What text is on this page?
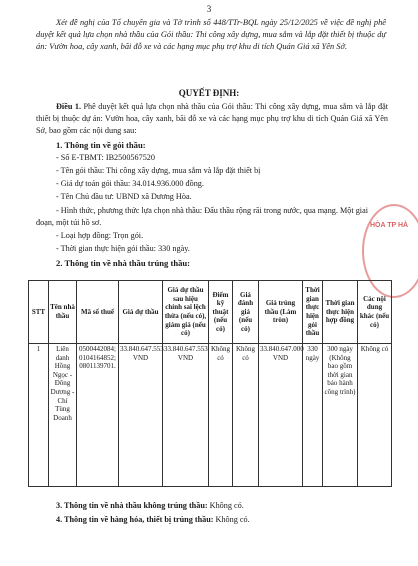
3
Xét đề nghị của Tổ chuyên gia và Tờ trình số 448/TTr-BQL ngày 25/12/2025 về việc đề nghị phê duyệt kết quả lựa chọn nhà thầu của Gói thầu: Thi công xây dựng, mua sắm và lắp đặt thiết bị thuộc dự án: Vườn hoa, cây xanh, bãi đỗ xe và các hạng mục phụ trợ khu di tích Quán Giá xã Yên Sở.
QUYẾT ĐỊNH:
Điều 1. Phê duyệt kết quả lựa chọn nhà thầu của Gói thầu: Thi công xây dựng, mua sắm và lắp đặt thiết bị thuộc dự án: Vườn hoa, cây xanh, bãi đỗ xe và các hạng mục phụ trợ khu di tích Quán Giá xã Yên Sở, bao gồm các nội dung sau:
1. Thông tin về gói thầu:
- Số E-TBMT: IB2500567520
- Tên gói thầu: Thi công xây dựng, mua sắm và lắp đặt thiết bị
- Giá dự toán gói thầu: 34.014.936.000 đồng.
- Tên Chủ đầu tư: UBND xã Dương Hòa.
- Hình thức, phương thức lựa chọn nhà thầu: Đấu thầu rộng rãi trong nước, qua mạng. Một giai đoạn, một túi hồ sơ.
- Loại hợp đồng: Trọn gói.
- Thời gian thực hiện gói thầu: 330 ngày.
2. Thông tin về nhà thầu trúng thầu:
HÒA TP HÀ
STT	Tên nhà thầu	Mã số thuế	Giá dự thầu	Giá dự thầu sau hiệu chỉnh sai lệch thừa (nếu có), giảm giá (nếu có)	Điểm kỹ thuật (nếu có)	Giá đánh giá (nếu có)	Giá trúng thầu (Làm tròn)	Thời gian thực hiện gói thầu	Thời gian thực hiện hợp đồng	Các nội dung khác (nếu có)
1	Liên danh Hồng Ngọc - Đông Dương - Chí Tùng Doanh	0500442084; 0104164852; 0801139701.	33.840.647.553 VND	33.840.647.553 VND	Không có	Không có	33.840.647.000 VND	330 ngày	300 ngày (Không bao gồm thời gian bảo hành công trình)	Không có
3. Thông tin về nhà thầu không trúng thầu: Không có.
4. Thông tin về hàng hóa, thiết bị trúng thầu: Không có.
